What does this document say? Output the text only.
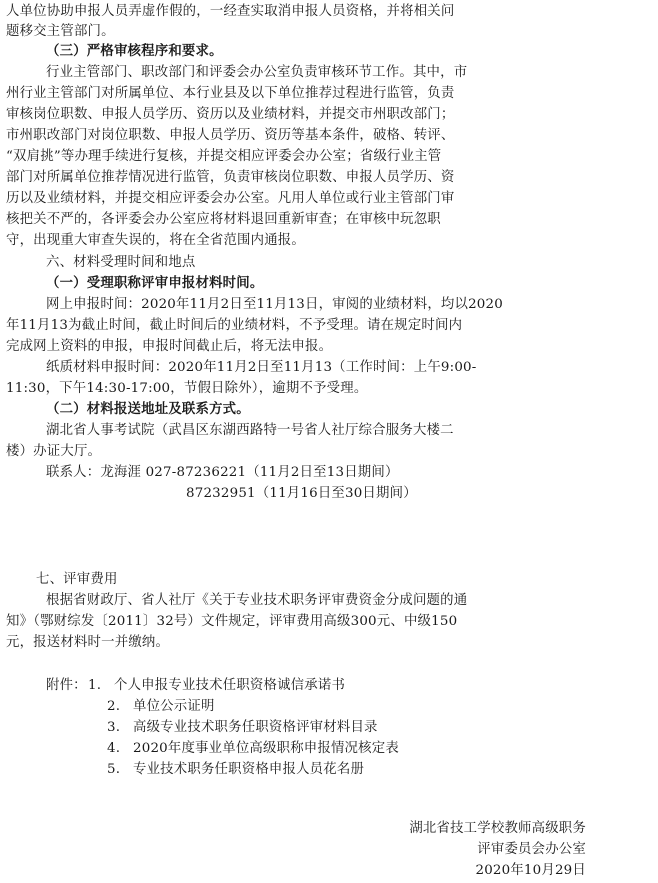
人单位协助申报人员弄虚作假的，一经查实取消申报人员资格，并将相关问
题移交主管部门。
（三）严格审核程序和要求。
行业主管部门、职改部门和评委会办公室负责审核环节工作。其中，市
州行业主管部门对所属单位、本行业县及以下单位推荐过程进行监管，负责
审核岗位职数、申报人员学历、资历以及业绩材料，并提交市州职改部门；
市州职改部门对岗位职数、申报人员学历、资历等基本条件，破格、转评、
“双肩挑”等办理手续进行复核，并提交相应评委会办公室；省级行业主管
部门对所属单位推荐情况进行监管，负责审核岗位职数、申报人员学历、资
历以及业绩材料，并提交相应评委会办公室。凡用人单位或行业主管部门审
核把关不严的，各评委会办公室应将材料退回重新审查；在审核中玩忽职
守，出现重大审查失误的，将在全省范围内通报。
六、材料受理时间和地点
（一）受理职称评审申报材料时间。
网上申报时间：2020年11月2日至11月13日，审阅的业绩材料，均以2020
年11月13为截止时间，截止时间后的业绩材料，不予受理。请在规定时间内
完成网上资料的申报，申报时间截止后，将无法申报。
纸质材料申报时间：2020年11月2日至11月13（工作时间：上午9:00-
11:30，下午14:30-17:00，节假日除外），逾期不予受理。
（二）材料报送地址及联系方式。
湖北省人事考试院（武昌区东湖西路特一号省人社厅综合服务大楼二
楼）办证大厅。
联系人：龙海涯 027-87236221（11月2日至13日期间）
87232951（11月16日至30日期间）
七、评审费用
根据省财政厅、省人社厅《关于专业技术职务评审费资金分成问题的通
知》（鄂财综发〔2011〕32号）文件规定，评审费用高级300元、中级150
元，报送材料时一并缴纳。
附件： 1. 个人申报专业技术任职资格诚信承诺书
2. 单位公示证明
3. 高级专业技术职务任职资格评审材料目录
4. 2020年度事业单位高级职称申报情况核定表
5. 专业技术职务任职资格申报人员花名册
湖北省技工学校教师高级职务
评审委员会办公室
2020年10月29日
